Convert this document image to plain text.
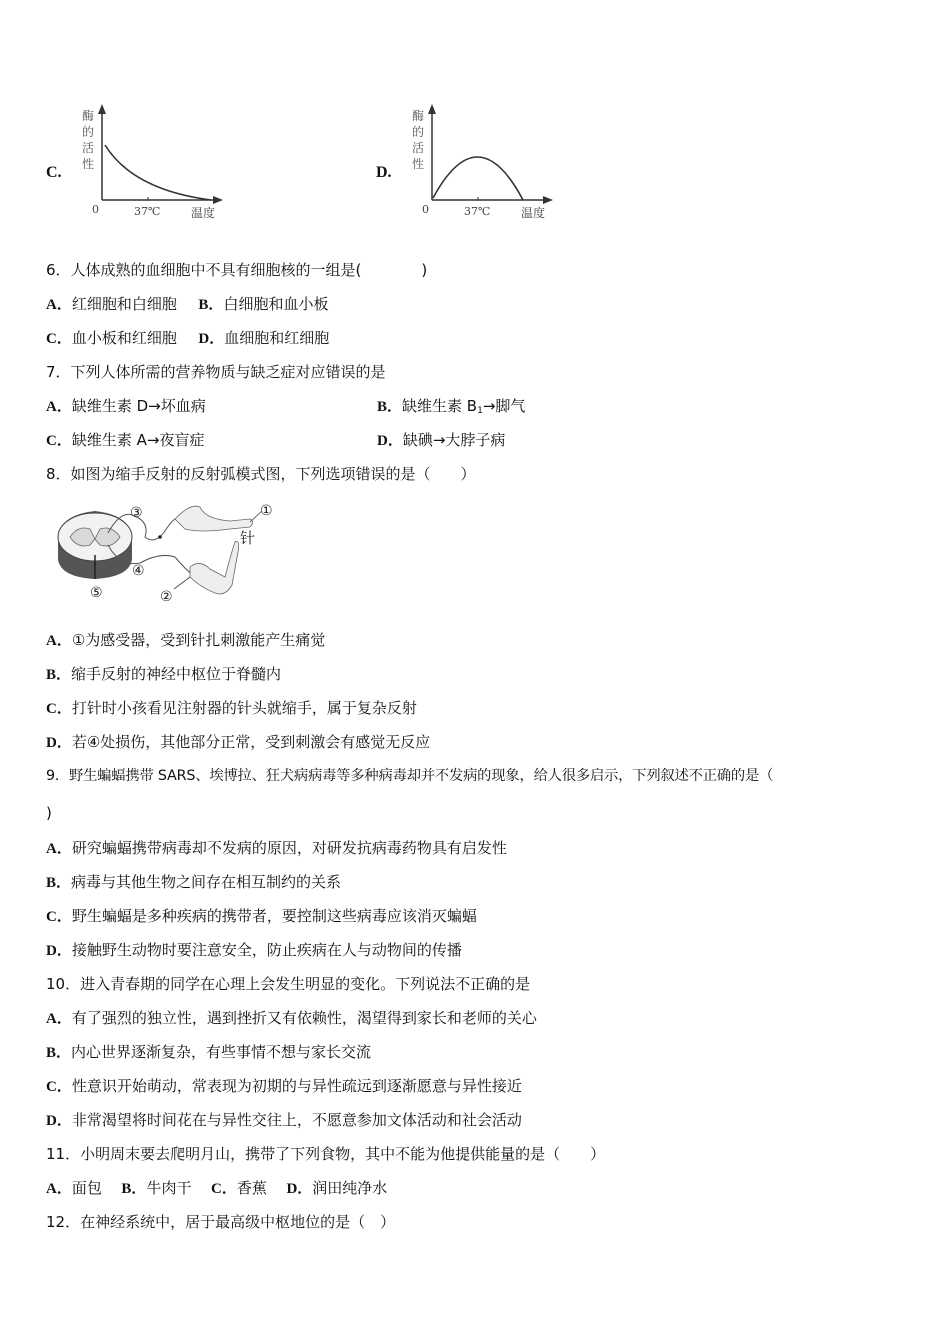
C.
酶
的
活
性
0	37℃	温度
D.
酶
的
活
性
0	37℃	温度
6．人体成熟的血细胞中不具有细胞核的一组是(　　　　)
A．红细胞和白细胞 B．白细胞和血小板
C．血小板和红细胞 D．血细胞和红细胞
7．下列人体所需的营养物质与缺乏症对应错误的是
A．缺维生素 D→坏血病	B．缺维生素 $B_1\to$脚气
C．缺维生素 A→夜盲症	D．缺碘→大脖子病
8．如图为缩手反射的反射弧模式图，下列选项错误的是（　　）
③	①
针
④
⑤	②
A．①为感受器，受到针扎刺激能产生痛觉
B．缩手反射的神经中枢位于脊髓内
C．打针时小孩看见注射器的针头就缩手，属于复杂反射
D．若④处损伤，其他部分正常，受到刺激会有感觉无反应
9．野生蝙蝠携带 SARS、埃博拉、狂犬病病毒等多种病毒却并不发病的现象，给人很多启示，下列叙述不正确的是（
)
A．研究蝙蝠携带病毒却不发病的原因，对研发抗病毒药物具有启发性
B．病毒与其他生物之间存在相互制约的关系
C．野生蝙蝠是多种疾病的携带者，要控制这些病毒应该消灭蝙蝠
D．接触野生动物时要注意安全，防止疾病在人与动物间的传播
10．进入青春期的同学在心理上会发生明显的变化。下列说法不正确的是
A．有了强烈的独立性，遇到挫折又有依赖性，渴望得到家长和老师的关心
B．内心世界逐渐复杂，有些事情不想与家长交流
C．性意识开始萌动，常表现为初期的与异性疏远到逐渐愿意与异性接近
D．非常渴望将时间花在与异性交往上，不愿意参加文体活动和社会活动
11．小明周末要去爬明月山，携带了下列食物，其中不能为他提供能量的是（　　）
A．面包 B．牛肉干 C．香蕉 D．润田纯净水
12．在神经系统中，居于最高级中枢地位的是（　）
